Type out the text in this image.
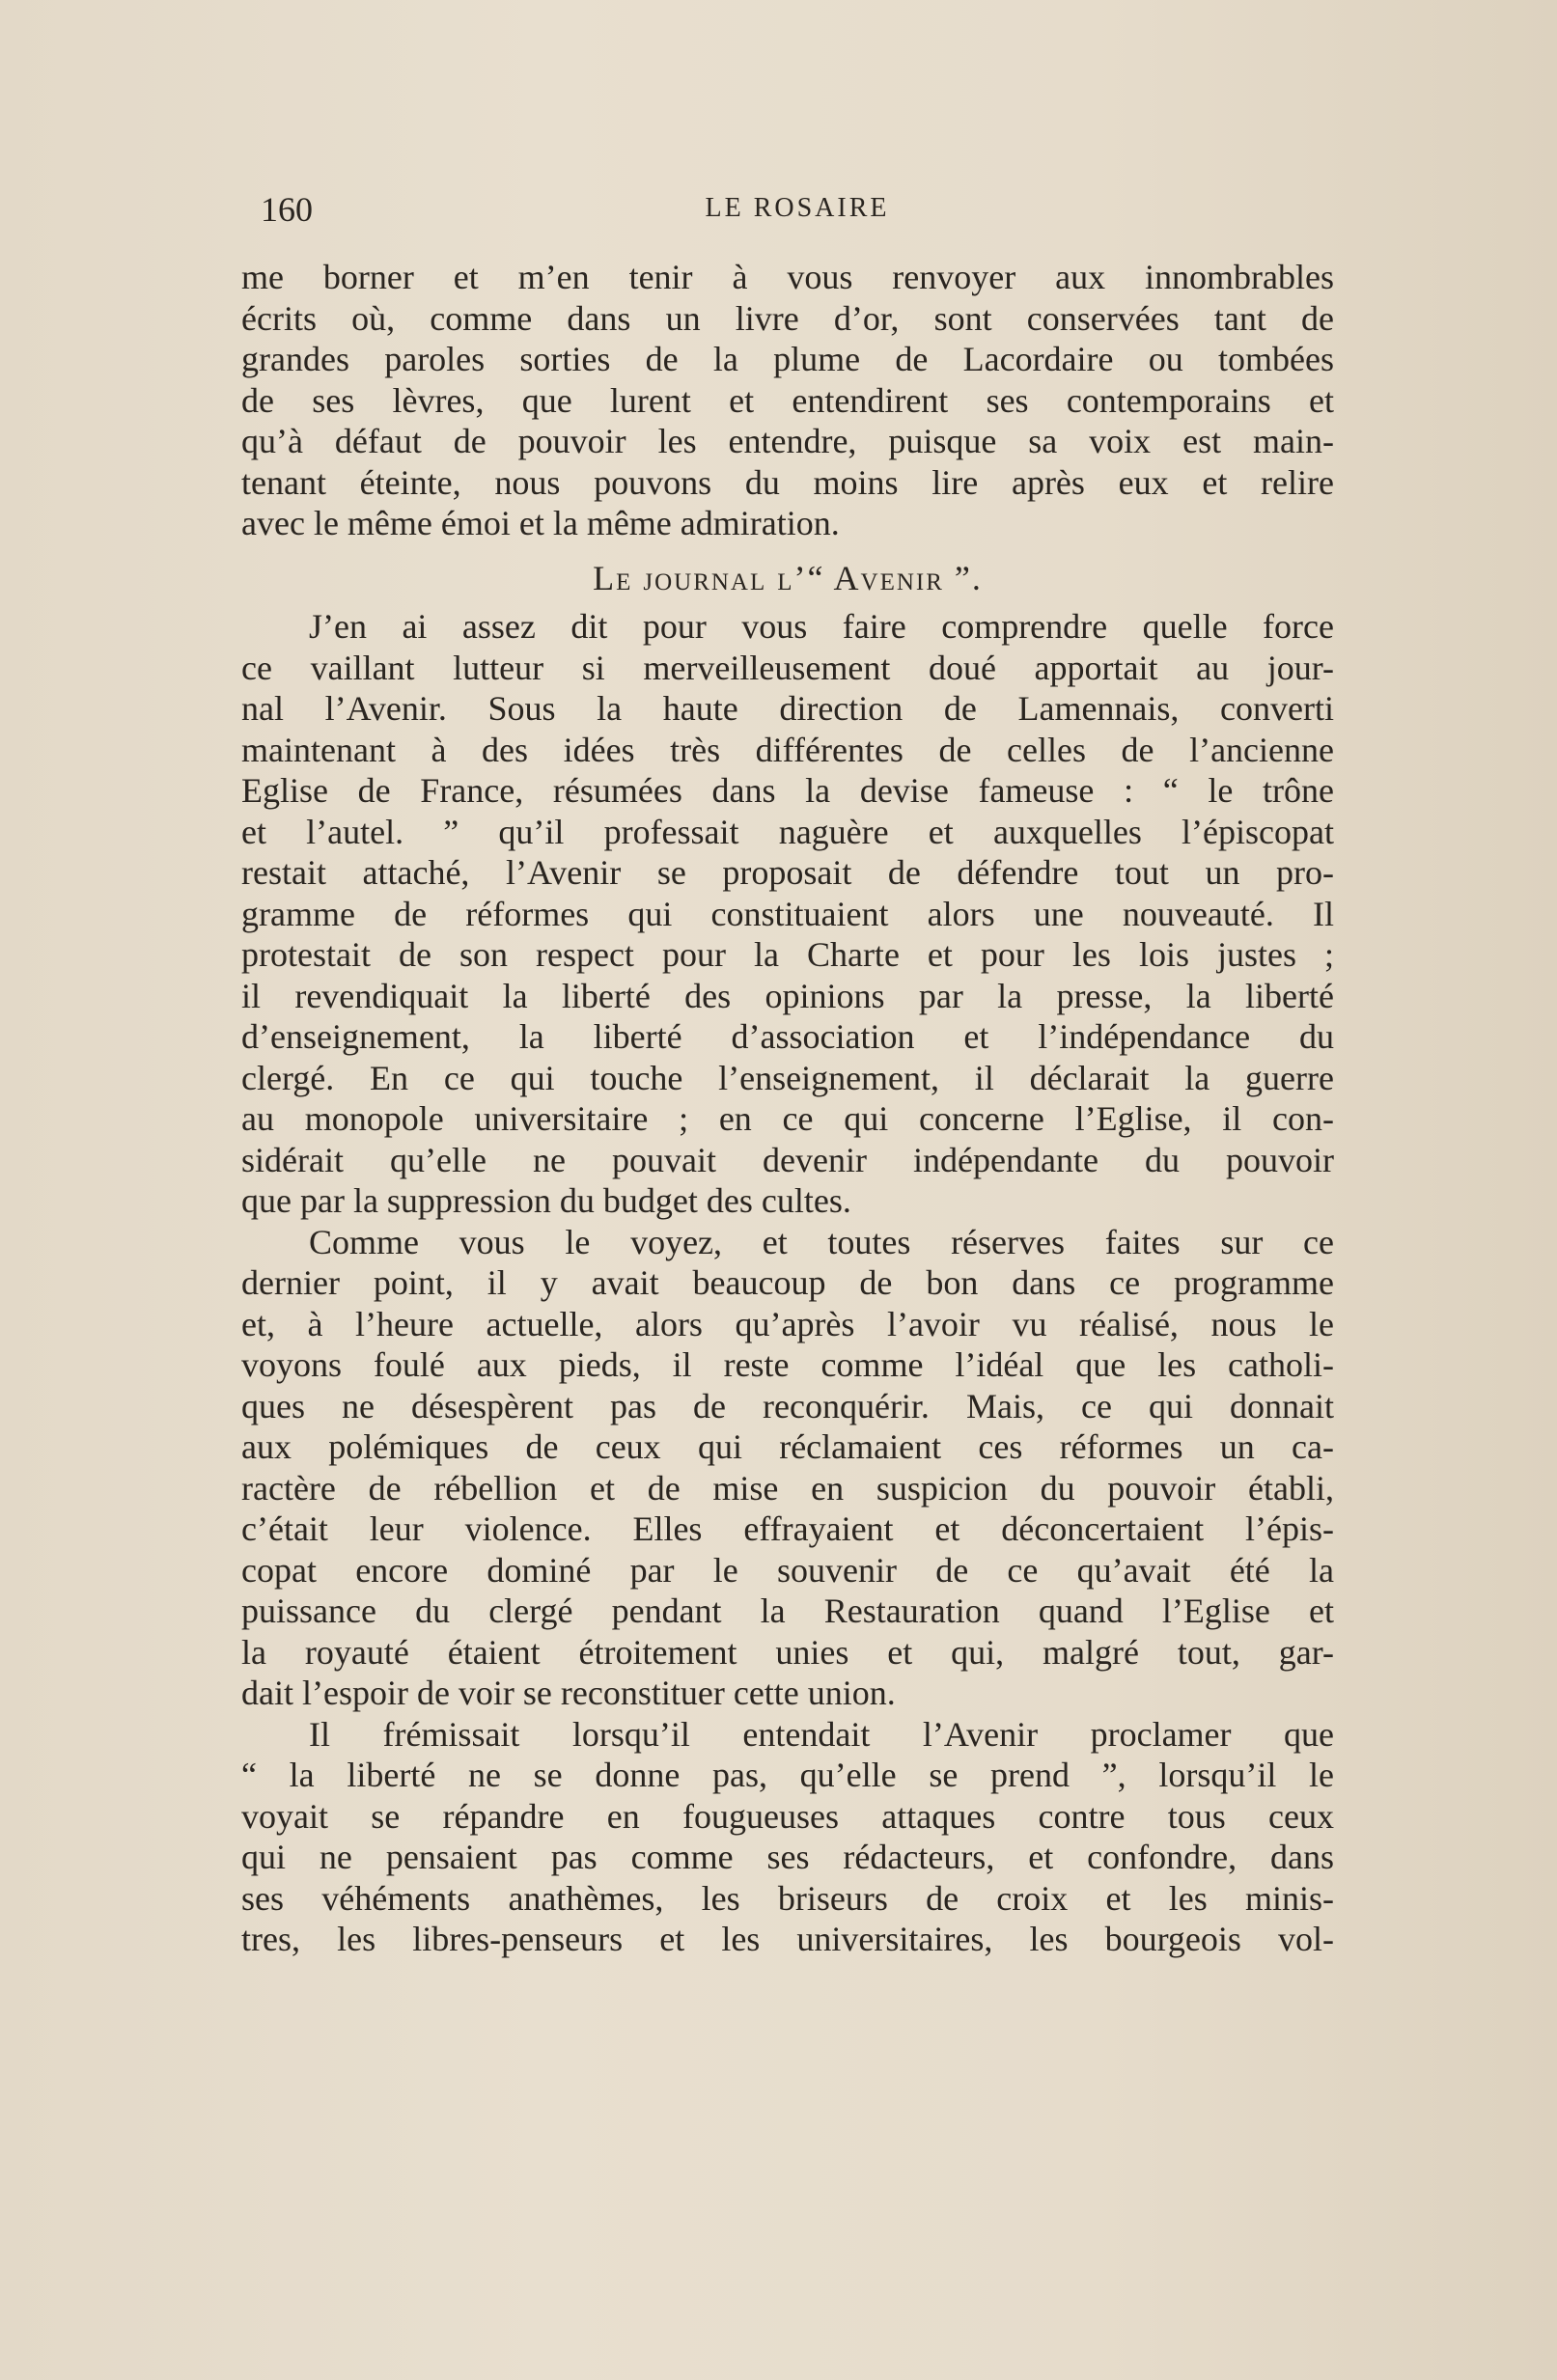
160	LE ROSAIRE
me borner et m’en tenir à vous renvoyer aux innombrables
écrits où, comme dans un livre d’or, sont conservées tant de
grandes paroles sorties de la plume de Lacordaire ou tombées
de ses lèvres, que lurent et entendirent ses contemporains et
qu’à défaut de pouvoir les entendre, puisque sa voix est main-
tenant éteinte, nous pouvons du moins lire après eux et relire
avec le même émoi et la même admiration.
Le journal l’“ Avenir ”.
J’en ai assez dit pour vous faire comprendre quelle force
ce vaillant lutteur si merveilleusement doué apportait au jour-
nal l’Avenir. Sous la haute direction de Lamennais, converti
maintenant à des idées très différentes de celles de l’ancienne
Eglise de France, résumées dans la devise fameuse : “ le trône
et l’autel. ” qu’il professait naguère et auxquelles l’épiscopat
restait attaché, l’Avenir se proposait de défendre tout un pro-
gramme de réformes qui constituaient alors une nouveauté. Il
protestait de son respect pour la Charte et pour les lois justes ;
il revendiquait la liberté des opinions par la presse, la liberté
d’enseignement, la liberté d’association et l’indépendance du
clergé. En ce qui touche l’enseignement, il déclarait la guerre
au monopole universitaire ; en ce qui concerne l’Eglise, il con-
sidérait qu’elle ne pouvait devenir indépendante du pouvoir
que par la suppression du budget des cultes.
Comme vous le voyez, et toutes réserves faites sur ce
dernier point, il y avait beaucoup de bon dans ce programme
et, à l’heure actuelle, alors qu’après l’avoir vu réalisé, nous le
voyons foulé aux pieds, il reste comme l’idéal que les catholi-
ques ne désespèrent pas de reconquérir. Mais, ce qui donnait
aux polémiques de ceux qui réclamaient ces réformes un ca-
ractère de rébellion et de mise en suspicion du pouvoir établi,
c’était leur violence. Elles effrayaient et déconcertaient l’épis-
copat encore dominé par le souvenir de ce qu’avait été la
puissance du clergé pendant la Restauration quand l’Eglise et
la royauté étaient étroitement unies et qui, malgré tout, gar-
dait l’espoir de voir se reconstituer cette union.
Il frémissait lorsqu’il entendait l’Avenir proclamer que
“ la liberté ne se donne pas, qu’elle se prend ”, lorsqu’il le
voyait se répandre en fougueuses attaques contre tous ceux
qui ne pensaient pas comme ses rédacteurs, et confondre, dans
ses véhéments anathèmes, les briseurs de croix et les minis-
tres, les libres-penseurs et les universitaires, les bourgeois vol-
